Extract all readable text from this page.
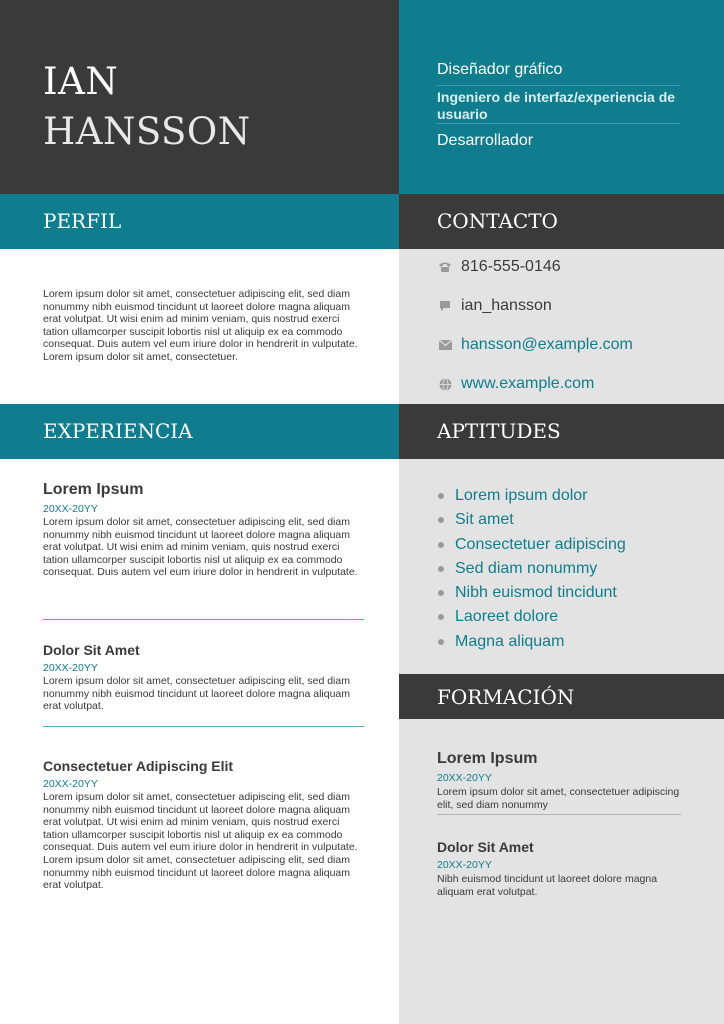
IAN
HANSSON
Diseñador gráfico
Ingeniero de interfaz/experiencia de usuario
Desarrollador
PERFIL
Lorem ipsum dolor sit amet, consectetuer adipiscing elit, sed diam nonummy nibh euismod tincidunt ut laoreet dolore magna aliquam erat volutpat. Ut wisi enim ad minim veniam, quis nostrud exerci tation ullamcorper suscipit lobortis nisl ut aliquip ex ea commodo consequat. Duis autem vel eum iriure dolor in hendrerit in vulputate. Lorem ipsum dolor sit amet, consectetuer.
CONTACTO
816-555-0146
ian_hansson
hansson@example.com
www.example.com
EXPERIENCIA
Lorem Ipsum
20XX-20YY
Lorem ipsum dolor sit amet, consectetuer adipiscing elit, sed diam nonummy nibh euismod tincidunt ut laoreet dolore magna aliquam erat volutpat. Ut wisi enim ad minim veniam, quis nostrud exerci tation ullamcorper suscipit lobortis nisl ut aliquip ex ea commodo consequat. Duis autem vel eum iriure dolor in hendrerit in vulputate.
Dolor Sit Amet
20XX-20YY
Lorem ipsum dolor sit amet, consectetuer adipiscing elit, sed diam nonummy nibh euismod tincidunt ut laoreet dolore magna aliquam erat volutpat.
Consectetuer Adipiscing Elit
20XX-20YY
Lorem ipsum dolor sit amet, consectetuer adipiscing elit, sed diam nonummy nibh euismod tincidunt ut laoreet dolore magna aliquam erat volutpat. Ut wisi enim ad minim veniam, quis nostrud exerci tation ullamcorper suscipit lobortis nisl ut aliquip ex ea commodo consequat. Duis autem vel eum iriure dolor in hendrerit in vulputate. Lorem ipsum dolor sit amet, consectetuer adipiscing elit, sed diam nonummy nibh euismod tincidunt ut laoreet dolore magna aliquam erat volutpat.
APTITUDES
Lorem ipsum dolor
Sit amet
Consectetuer adipiscing
Sed diam nonummy
Nibh euismod tincidunt
Laoreet dolore
Magna aliquam
FORMACIÓN
Lorem Ipsum
20XX-20YY
Lorem ipsum dolor sit amet, consectetuer adipiscing elit, sed diam nonummy
Dolor Sit Amet
20XX-20YY
Nibh euismod tincidunt ut laoreet dolore magna aliquam erat volutpat.
